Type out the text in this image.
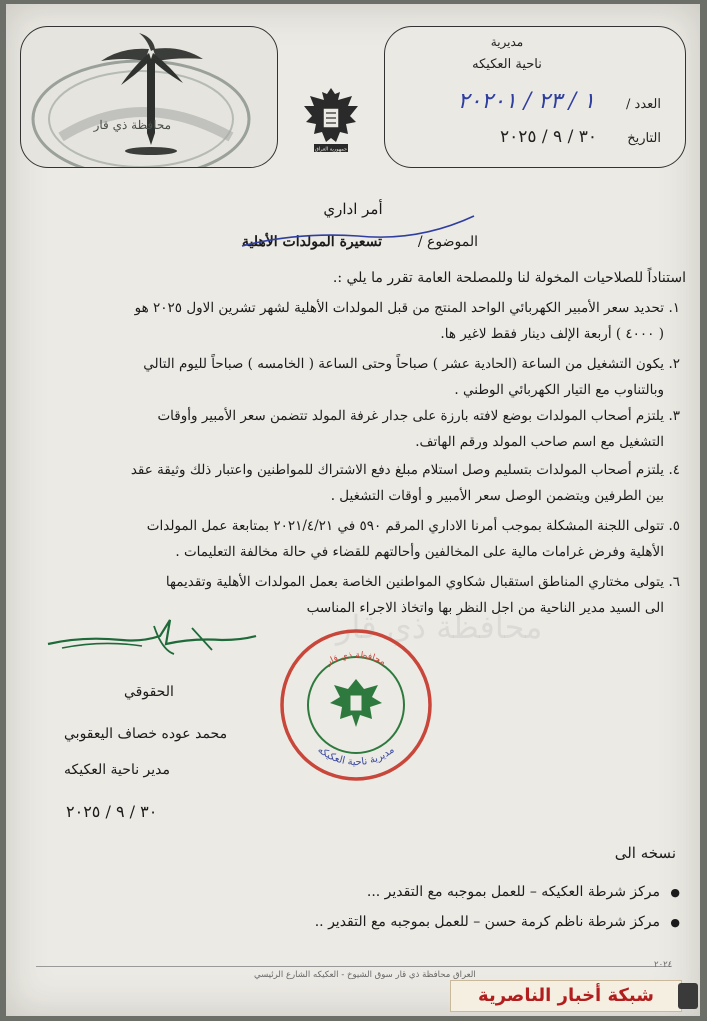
مديرية
ناحية العكيكه
العدد /
١ / ٢٣ / ٢٠٢٠١
التاريخ
٣٠ / ٩ / ٢٠٢٥
جمهورية العراق
محافظة ذي قار
أمر اداري
الموضوع /
تسعيرة المولدات الأهلية
استناداً للصلاحيات المخولة لنا وللمصلحة العامة تقرر ما يلي :.
١.
تحديد سعر الأمبير الكهربائي الواحد المنتج من قبل المولدات الأهلية لشهر تشرين الاول ٢٠٢٥ هو
( ٤٠٠٠ ) أربعة الإلف دينار فقط لاغير ها.
٢.
يكون التشغيل من الساعة (الحادية عشر ) صباحاً وحتى الساعة ( الخامسه ) صباحاً لليوم التالي
وبالتناوب مع التيار الكهربائي الوطني .
٣.
يلتزم أصحاب المولدات بوضع لافته بارزة على جدار غرفة المولد تتضمن سعر الأمبير وأوقات
التشغيل مع اسم صاحب المولد ورقم الهاتف.
٤.
يلتزم أصحاب المولدات بتسليم وصل استلام مبلغ دفع الاشتراك للمواطنين واعتبار ذلك وثيقة عقد
بين الطرفين ويتضمن الوصل سعر الأمبير و أوقات التشغيل .
٥.
تتولى اللجنة المشكلة بموجب أمرنا الاداري المرقم ٥٩٠ في ٢٠٢١/٤/٢١ بمتابعة عمل المولدات
الأهلية وفرض غرامات مالية على المخالفين وأحالتهم للقضاء في حالة مخالفة التعليمات .
٦.
يتولى مختاري المناطق استقبال شكاوي المواطنين الخاصة بعمل المولدات الأهلية وتقديمها
الى السيد مدير الناحية من اجل النظر بها واتخاذ الاجراء المناسب
محافظة ذي قار
الحقوقي
محمد عوده خصاف اليعقوبي
مدير ناحية العكيكه
٣٠ / ٩ / ٢٠٢٥
مديرية ناحية العكيكه
محافظة ذي قار
نسخه الى
●
مركز شرطة العكيكه – للعمل بموجبه مع التقدير ...
●
مركز شرطة ناظم كرمة حسن – للعمل بموجبه مع التقدير ..
العراق محافظة ذي قار سوق الشيوخ - العكيكه الشارع الرئيسي
٢٠٢٤
شبكة أخبار الناصرية
